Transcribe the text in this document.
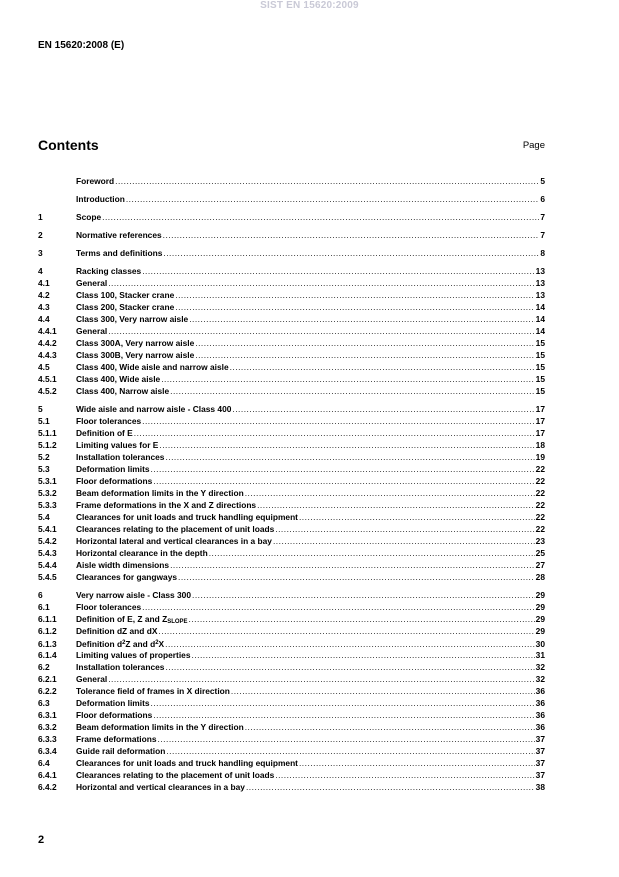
SIST EN 15620:2009
EN 15620:2008 (E)
Contents	Page
Foreword .....	5
Introduction .....	6
1	Scope .....	7
2	Normative references .....	7
3	Terms and definitions .....	8
4	Racking classes .....	13
4.1	General .....	13
4.2	Class 100, Stacker crane .....	13
4.3	Class 200, Stacker crane .....	14
4.4	Class 300, Very narrow aisle .....	14
4.4.1	General .....	14
4.4.2	Class 300A, Very narrow aisle .....	15
4.4.3	Class 300B, Very narrow aisle .....	15
4.5	Class 400, Wide aisle and narrow aisle .....	15
4.5.1	Class 400, Wide aisle .....	15
4.5.2	Class 400, Narrow aisle .....	15
5	Wide aisle and narrow aisle - Class 400 .....	17
5.1	Floor tolerances .....	17
5.1.1	Definition of E .....	17
5.1.2	Limiting values for E .....	18
5.2	Installation tolerances .....	19
5.3	Deformation limits .....	22
5.3.1	Floor deformations .....	22
5.3.2	Beam deformation limits in the Y direction .....	22
5.3.3	Frame deformations in the X and Z directions .....	22
5.4	Clearances for unit loads and truck handling equipment .....	22
5.4.1	Clearances relating to the placement of unit loads .....	22
5.4.2	Horizontal lateral and vertical clearances in a bay .....	23
5.4.3	Horizontal clearance in the depth .....	25
5.4.4	Aisle width dimensions .....	27
5.4.5	Clearances for gangways .....	28
6	Very narrow aisle - Class 300 .....	29
6.1	Floor tolerances .....	29
6.1.1	Definition of E, Z and ZSLOPE .....	29
6.1.2	Definition dZ and dX .....	29
6.1.3	Definition $d^2Z$ and $d^2X$ .....	30
6.1.4	Limiting values of properties .....	31
6.2	Installation tolerances .....	32
6.2.1	General .....	32
6.2.2	Tolerance field of frames in X direction .....	36
6.3	Deformation limits .....	36
6.3.1	Floor deformations .....	36
6.3.2	Beam deformation limits in the Y direction .....	36
6.3.3	Frame deformations .....	37
6.3.4	Guide rail deformation .....	37
6.4	Clearances for unit loads and truck handling equipment .....	37
6.4.1	Clearances relating to the placement of unit loads .....	37
6.4.2	Horizontal and vertical clearances in a bay .....	38
2
